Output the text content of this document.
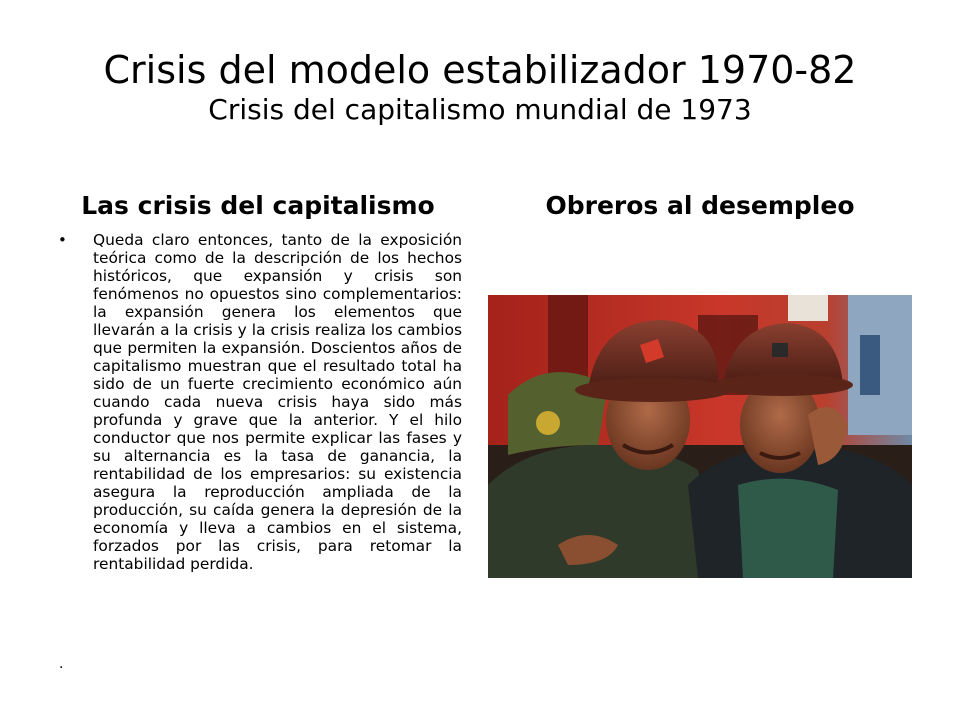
Crisis del modelo estabilizador 1970-82
Crisis del capitalismo mundial de 1973
Las crisis del capitalismo	Obreros al desempleo
• Queda claro entonces, tanto de la exposición teórica como de la descripción de los hechos históricos, que expansión y crisis son fenómenos no opuestos sino complementarios: la expansión genera los elementos que llevarán a la crisis y la crisis realiza los cambios que permiten la expansión. Doscientos años de capitalismo muestran que el resultado total ha sido de un fuerte crecimiento económico aún cuando cada nueva crisis haya sido más profunda y grave que la anterior. Y el hilo conductor que nos permite explicar las fases y su alternancia es la tasa de ganancia, la rentabilidad de los empresarios: su existencia asegura la reproducción ampliada de la producción, su caída genera la depresión de la economía y lleva a cambios en el sistema, forzados por las crisis, para retomar la rentabilidad perdida.
.
